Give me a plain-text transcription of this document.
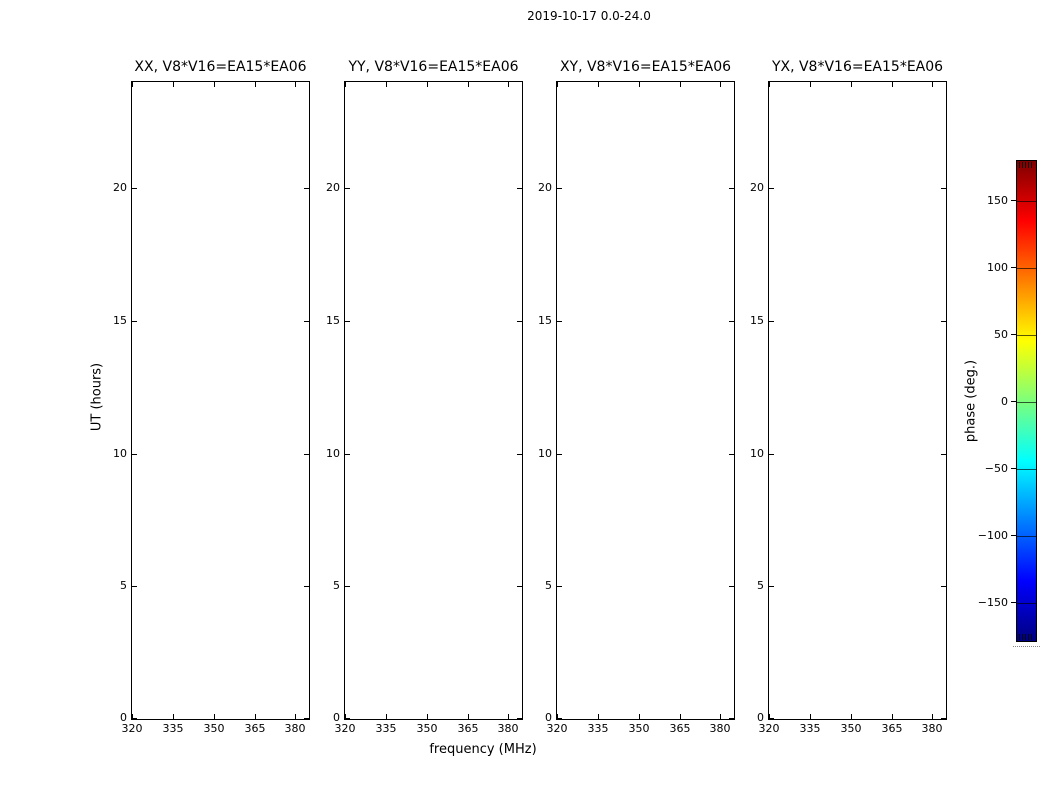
2019-10-17 0.0-24.0
frequency (MHz)
UT (hours)
150
100
50
0
−50
−100
−150
phase (deg.)
320 335 350 365 380
0
5
10
15
20
XX, V8*V16=EA15*EA06
320 335 350 365 380
0
5
10
15
20
YY, V8*V16=EA15*EA06
320 335 350 365 380
0
5
10
15
20
XY, V8*V16=EA15*EA06
320 335 350 365 380
0
5
10
15
20
YX, V8*V16=EA15*EA06
